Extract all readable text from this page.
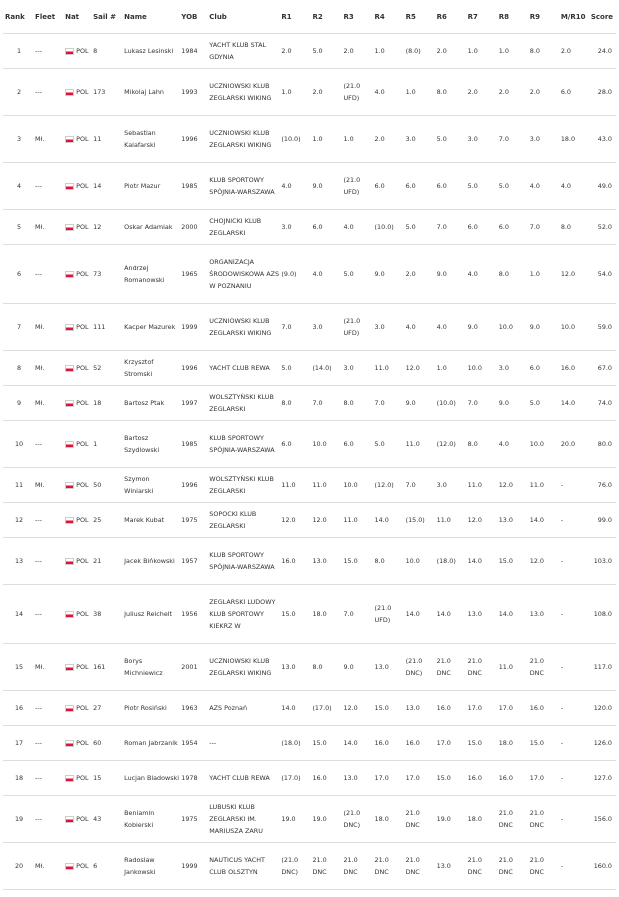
Rank	Fleet	Nat	Sail #	Name	YOB	Club	R1	R2	R3	R4	R5	R6	R7	R8	R9	M/R10	Score
1	---	POL	8	Lukasz Lesinski	1984	YACHT KLUB STAL GDYNIA	2.0	5.0	2.0	1.0	(8.0)	2.0	1.0	1.0	8.0	2.0	24.0
2	---	POL	173	Mikolaj Lahn	1993	UCZNIOWSKI KLUB ZEGLARSKI WIKING	1.0	2.0	(21.0 UFD)	4.0	1.0	8.0	2.0	2.0	2.0	6.0	28.0
3	Mł.	POL	11	Sebastian Kalafarski	1996	UCZNIOWSKI KLUB ZEGLARSKI WIKING	(10.0)	1.0	1.0	2.0	3.0	5.0	3.0	7.0	3.0	18.0	43.0
4	---	POL	14	Piotr Mazur	1985	KLUB SPORTOWY SPÓJNIA-WARSZAWA	4.0	9.0	(21.0 UFD)	6.0	6.0	6.0	5.0	5.0	4.0	4.0	49.0
5	Mł.	POL	12	Oskar Adamiak	2000	CHOJNICKI KLUB ZEGLARSKI	3.0	6.0	4.0	(10.0)	5.0	7.0	6.0	6.0	7.0	8.0	52.0
6	---	POL	73	Andrzej Romanowski	1965	ORGANIZACJA ŚRODOWISKOWA AZS W POZNANIU	(9.0)	4.0	5.0	9.0	2.0	9.0	4.0	8.0	1.0	12.0	54.0
7	Mł.	POL	111	Kacper Mazurek	1999	UCZNIOWSKI KLUB ZEGLARSKI WIKING	7.0	3.0	(21.0 UFD)	3.0	4.0	4.0	9.0	10.0	9.0	10.0	59.0
8	Mł.	POL	52	Krzysztof Stromski	1996	YACHT CLUB REWA	5.0	(14.0)	3.0	11.0	12.0	1.0	10.0	3.0	6.0	16.0	67.0
9	Mł.	POL	18	Bartosz Ptak	1997	WOLSZTYŃSKI KLUB ZEGLARSKI	8.0	7.0	8.0	7.0	9.0	(10.0)	7.0	9.0	5.0	14.0	74.0
10	---	POL	1	Bartosz Szydlowski	1985	KLUB SPORTOWY SPÓJNIA-WARSZAWA	6.0	10.0	6.0	5.0	11.0	(12.0)	8.0	4.0	10.0	20.0	80.0
11	Mł.	POL	50	Szymon Winiarski	1996	WOLSZTYŃSKI KLUB ZEGLARSKI	11.0	11.0	10.0	(12.0)	7.0	3.0	11.0	12.0	11.0	-	76.0
12	---	POL	25	Marek Kubat	1975	SOPOCKI KLUB ZEGLARSKI	12.0	12.0	11.0	14.0	(15.0)	11.0	12.0	13.0	14.0	-	99.0
13	---	POL	21	Jacek Bińkowski	1957	KLUB SPORTOWY SPÓJNIA-WARSZAWA	16.0	13.0	15.0	8.0	10.0	(18.0)	14.0	15.0	12.0	-	103.0
14	---	POL	38	Juliusz Reichelt	1956	ZEGLARSKI LUDOWY KLUB SPORTOWY KIEKRZ W	15.0	18.0	7.0	(21.0 UFD)	14.0	14.0	13.0	14.0	13.0	-	108.0
15	Mł.	POL	161	Borys Michniewicz	2001	UCZNIOWSKI KLUB ZEGLARSKI WIKING	13.0	8.0	9.0	13.0	(21.0 DNC)	21.0 DNC	21.0 DNC	11.0	21.0 DNC	-	117.0
16	---	POL	27	Piotr Rosiński	1963	AZS Poznań	14.0	(17.0)	12.0	15.0	13.0	16.0	17.0	17.0	16.0	-	120.0
17	---	POL	60	Roman Jabrzanik	1954	---	(18.0)	15.0	14.0	16.0	16.0	17.0	15.0	18.0	15.0	-	126.0
18	---	POL	15	Lucjan Bladowski	1978	YACHT CLUB REWA	(17.0)	16.0	13.0	17.0	17.0	15.0	16.0	16.0	17.0	-	127.0
19	---	POL	43	Beniamin Kobierski	1975	LUBUSKI KLUB ZEGLARSKI IM. MARIUSZA ZARU	19.0	19.0	(21.0 DNC)	18.0	21.0 DNC	19.0	18.0	21.0 DNC	21.0 DNC	-	156.0
20	Mł.	POL	6	Radoslaw Jankowski	1999	NAUTICUS YACHT CLUB OLSZTYN	(21.0 DNC)	21.0 DNC	21.0 DNC	21.0 DNC	21.0 DNC	13.0	21.0 DNC	21.0 DNC	21.0 DNC	-	160.0
